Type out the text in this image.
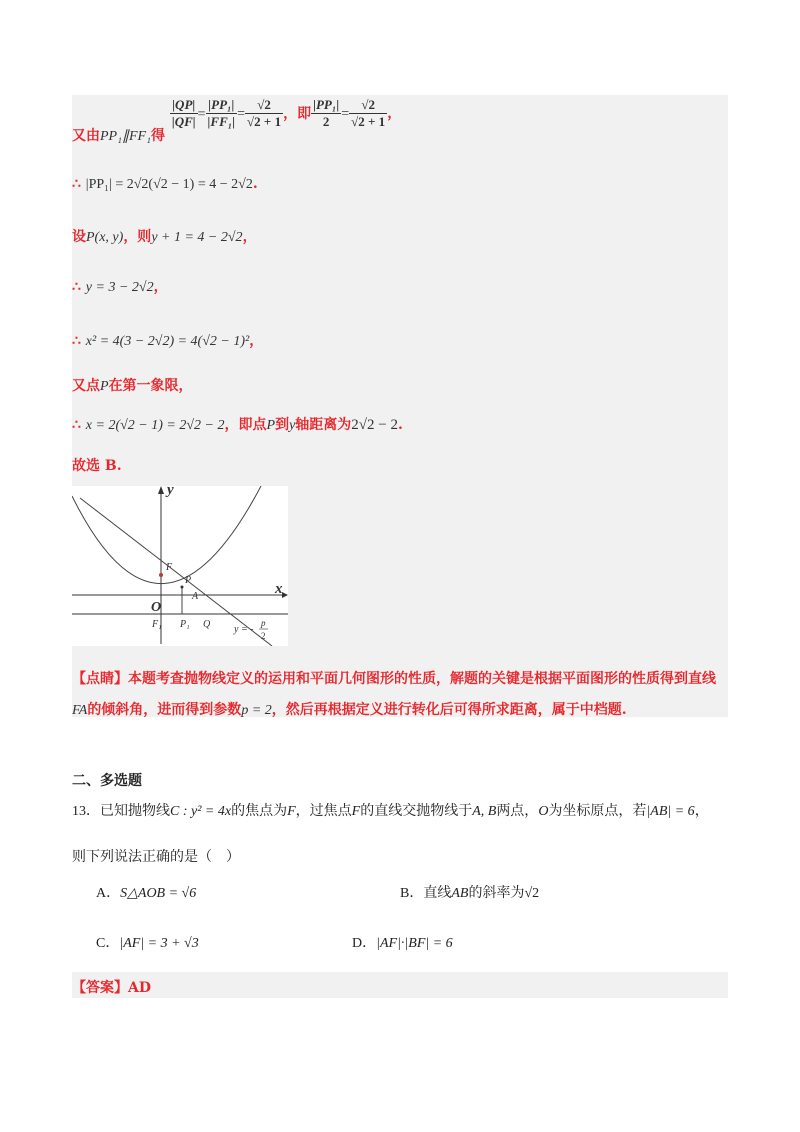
又由PP₁∥FF₁得
$\frac{|QP|}{|QF|} = \frac{\text{|PP₁|}}{\text{|FF₁|}} = \frac{√2}{√2 + 1}$ ，即 $\frac{\text{|PP₁|}}{2} = \frac{√2}{√2 + 1}$ ，
∴ |PP₁| = 2√2(√2 − 1) = 4 − 2√2.
设P(x, y)，则y + 1 = 4 − 2√2，
∴ y = 3 − 2√2，
∴ x² = 4(3 − 2√2) = 4(√2 − 1)²，
又点P在第一象限，
∴ x = 2(√2 − 1) = 2√2 − 2，即点P到y轴距离为2√2 − 2.
故选 B.
y
x
O
F
P
A
F₁ P₁ Q y = -
p
2
【点睛】本题考查抛物线定义的运用和平面几何图形的性质，解题的关键是根据平面图形的性质得到直线
FA的倾斜角，进而得到参数p = 2，然后再根据定义进行转化后可得所求距离，属于中档题.
二、多选题
13．已知抛物线C : y² = 4x的焦点为F，过焦点F的直线交抛物线于A, B两点，O为坐标原点，若|AB| = 6，
则下列说法正确的是（　）
A．S△AOB = √6	B．直线AB的斜率为√2
C．|AF| = 3 + √3	D．|AF|·|BF| = 6
【答案】AD
